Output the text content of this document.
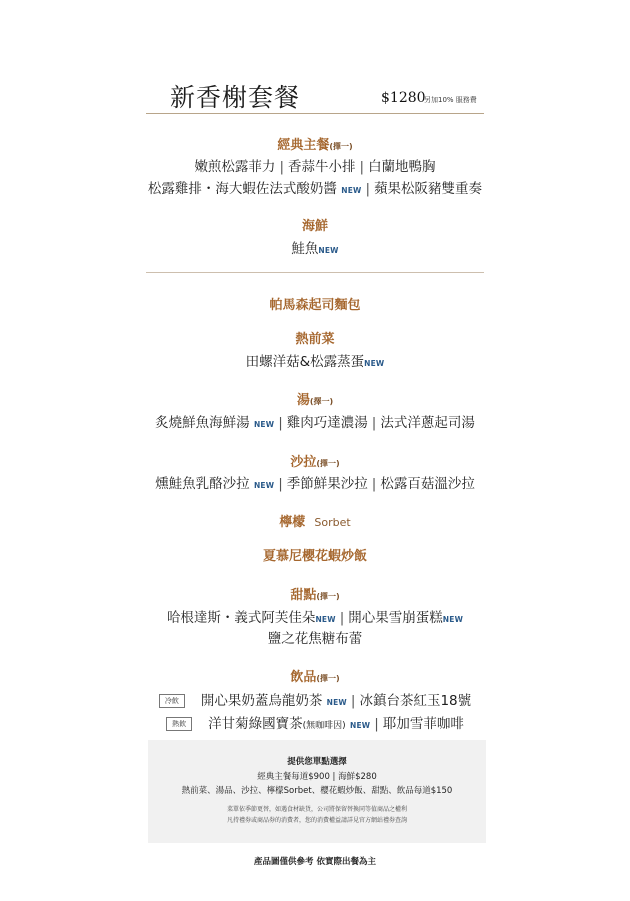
新香榭套餐	$1280
另加10% 服務費
經典主餐(擇一)
嫩煎松露菲力 | 香蒜牛小排 | 白蘭地鴨胸
松露雞排・海大蝦佐法式酸奶醬 NEW | 蘋果松阪豬雙重奏
海鮮
鮭魚NEW
帕馬森起司麵包
熱前菜
田螺洋菇&松露蒸蛋NEW
湯(擇一)
炙燒鮮魚海鮮湯 NEW | 雞肉巧達濃湯 | 法式洋蔥起司湯
沙拉(擇一)
燻鮭魚乳酪沙拉 NEW | 季節鮮果沙拉 | 松露百菇溫沙拉
檸檬 Sorbet
夏慕尼櫻花蝦炒飯
甜點(擇一)
哈根達斯・義式阿芙佳朵NEW | 開心果雪崩蛋糕NEW
鹽之花焦糖布蕾
飲品(擇一)
冷飲 開心果奶蓋烏龍奶茶 NEW | 冰鎮台茶紅玉18號
熱飲 洋甘菊綠國寶茶(無咖啡因) NEW | 耶加雪菲咖啡
提供您單點選擇
經典主餐每道$900 | 海鮮$280
熱前菜、湯品、沙拉、檸檬Sorbet、櫻花蝦炒飯、甜點、飲品每道$150
菜單依季節更替，如遇食材缺貨，公司將保留替換同等值商品之權利
凡持禮券或商品券的消費者，您的消費權益請詳見官方網站禮券查詢
產品圖僅供參考 依實際出餐為主
